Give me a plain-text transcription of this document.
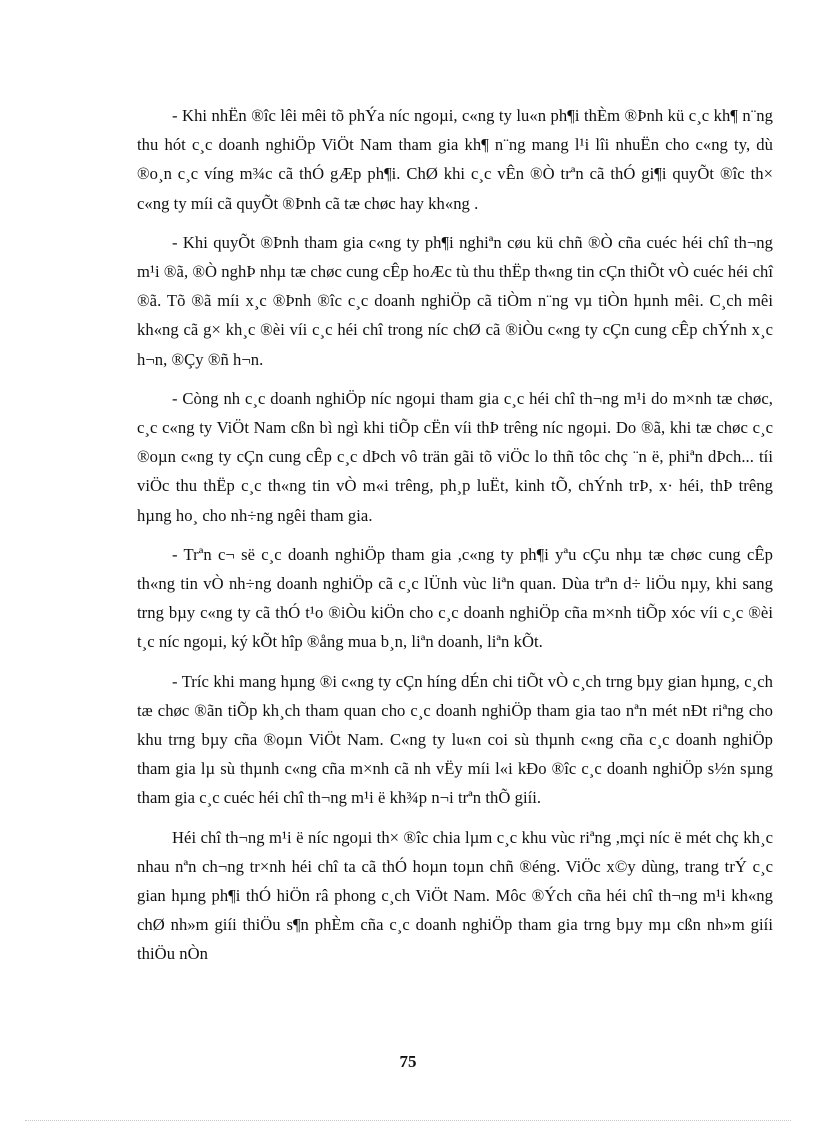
- Khi nhËn ®îc lêi mêi tõ phÝa níc ngoµi, c«ng ty lu«n ph¶i thÈm ®Þnh kü c¸c kh¶ n¨ng thu hót c¸c doanh nghiÖp ViÖt Nam tham gia kh¶ n¨ng mang l¹i lîi nhuËn cho c«ng ty, dù ®o¸n c¸c víng m¾c cã thÓ gÆp ph¶i. ChØ khi c¸c vÊn ®Ò trªn cã thÓ gi¶i quyÕt ®îc th× c«ng ty míi cã quyÕt ®Þnh cã tæ chøc hay kh«ng .

- Khi quyÕt ®Þnh tham gia c«ng ty ph¶i nghiªn cøu kü chñ ®Ò cña cuéc héi chî th¬ng m¹i ®ã, ®Ò nghÞ nhµ tæ chøc cung cÊp hoÆc tù thu thËp th«ng tin cÇn thiÕt vÒ cuéc héi chî ®ã. Tõ ®ã míi x¸c ®Þnh ®îc c¸c doanh nghiÖp cã tiÒm n¨ng vµ tiÒn hµnh mêi. C¸ch mêi kh«ng cã g× kh¸c ®èi víi c¸c héi chî trong níc chØ cã ®iÒu c«ng ty cÇn cung cÊp chÝnh x¸c h¬n, ®Çy ®ñ h¬n.

- Còng nh c¸c doanh nghiÖp níc ngoµi tham gia c¸c héi chî th¬ng m¹i do m×nh tæ chøc, c¸c c«ng ty ViÖt Nam cßn bì ngì khi tiÕp cËn víi thÞ trêng níc ngoµi. Do ®ã, khi tæ chøc c¸c ®oµn c«ng ty cÇn cung cÊp c¸c dÞch vô trän gãi tõ viÖc lo thñ tôc chç ¨n ë, phiªn dÞch... tíi viÖc thu thËp c¸c th«ng tin vÒ m«i trêng, ph¸p luËt, kinh tÕ, chÝnh trÞ, x· héi, thÞ trêng hµng ho¸ cho nh÷ng ngêi tham gia.

- Trªn c¬ së c¸c doanh nghiÖp tham gia ,c«ng ty ph¶i yªu cÇu nhµ tæ chøc cung cÊp th«ng tin vÒ nh÷ng doanh nghiÖp cã c¸c lÜnh vùc liªn quan. Dùa trªn d÷ liÖu nµy, khi sang trng bµy c«ng ty cã thÓ t¹o ®iÒu kiÖn cho c¸c doanh nghiÖp cña m×nh tiÕp xóc víi c¸c ®èi t¸c níc ngoµi, ký kÕt hîp ®ång mua b¸n, liªn doanh, liªn kÕt.

- Tríc khi mang hµng ®i c«ng ty cÇn híng dÉn chi tiÕt vÒ c¸ch trng bµy gian hµng, c¸ch tæ chøc ®ãn tiÕp kh¸ch tham quan cho c¸c doanh nghiÖp tham gia tao nªn mét nÐt riªng cho khu trng bµy cña ®oµn ViÖt Nam. C«ng ty lu«n coi sù thµnh c«ng cña c¸c doanh nghiÖp tham gia lµ sù thµnh c«ng cña m×nh cã nh vËy míi l«i kÐo ®îc c¸c doanh nghiÖp s½n sµng tham gia c¸c cuéc héi chî th¬ng m¹i ë kh¾p n¬i trªn thÕ giíi.

Héi chî th¬ng m¹i ë níc ngoµi th× ®îc chia lµm c¸c khu vùc riªng ,mçi níc ë mét chç kh¸c nhau nªn ch¬ng tr×nh héi chî ta cã thÓ hoµn toµn chñ ®éng. ViÖc x©y dùng, trang trÝ c¸c gian hµng ph¶i thÓ hiÖn râ phong c¸ch ViÖt Nam. Môc ®Ých cña héi chî th¬ng m¹i kh«ng chØ nh»m giíi thiÖu s¶n phÈm cña c¸c doanh nghiÖp tham gia trng bµy mµ cßn nh»m giíi thiÖu nÒn

75
